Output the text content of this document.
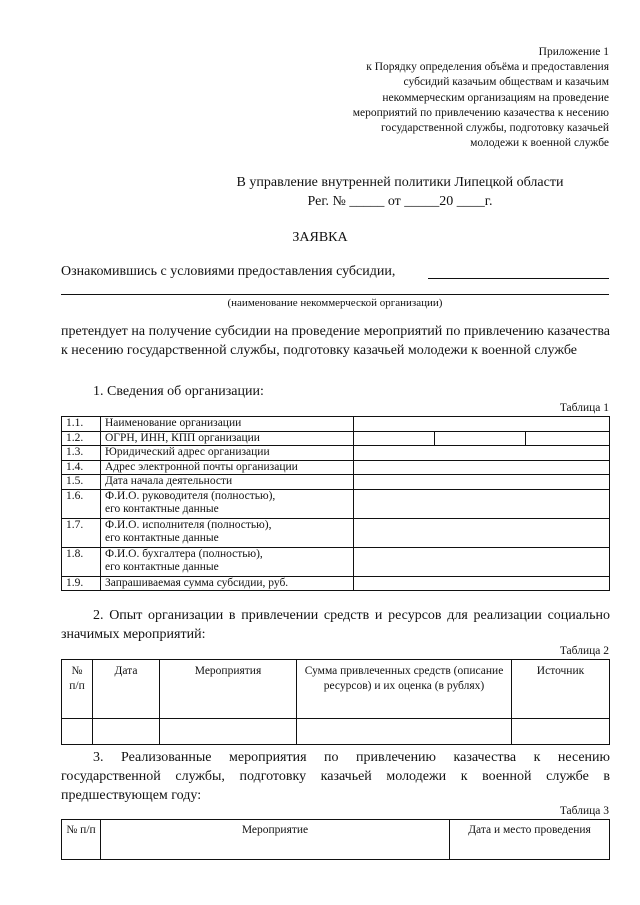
Приложение 1
к Порядку определения объёма и предоставления
субсидий казачьим обществам и казачьим
некоммерческим организациям на проведение
мероприятий по привлечению казачества к несению
государственной службы, подготовку казачьей
молодежи к военной службе
В управление внутренней политики Липецкой области
Рег. № _____ от _____20 ____г.
ЗАЯВКА
Ознакомившись с условиями предоставления субсидии,
(наименование некоммерческой организации)
претендует на получение субсидии на проведение мероприятий по привлечению казачества к несению государственной службы, подготовку казачьей молодежи к военной службе
1. Сведения об организации:
Таблица 1
1.1.	Наименование организации			
1.2.	ОГРН, ИНН, КПП организации			
1.3.	Юридический адрес организации			
1.4.	Адрес электронной почты организации			
1.5.	Дата начала деятельности			
1.6.	Ф.И.О. руководителя (полностью),
его контактные данные			
1.7.	Ф.И.О. исполнителя (полностью),
его контактные данные			
1.8.	Ф.И.О. бухгалтера (полностью),
его контактные данные			
1.9.	Запрашиваемая сумма субсидии, руб.			
2. Опыт организации в привлечении средств и ресурсов для реализации социально значимых мероприятий:
Таблица 2
№ п/п	Дата	Мероприятия	Сумма привлеченных средств (описание ресурсов) и их оценка (в рублях)	Источник

3. Реализованные мероприятия по привлечению казачества к несению государственной службы, подготовку казачьей молодежи к военной службе в предшествующем году:
Таблица 3
№ п/п	Мероприятие	Дата и место проведения
